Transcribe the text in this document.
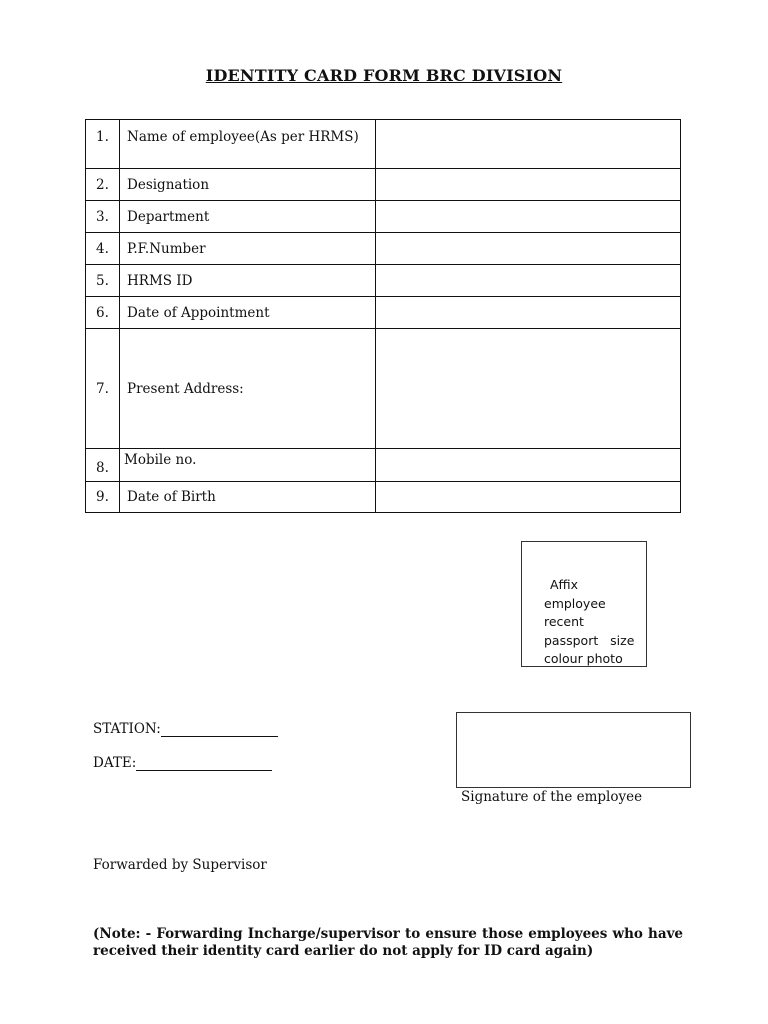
IDENTITY CARD FORM BRC DIVISION
1.	Name of employee(As per HRMS)	
2.	Designation	
3.	Department	
4.	P.F.Number	
5.	HRMS ID	
6.	Date of Appointment	
7.	Present Address:	
8.	Mobile no.	
9.	Date of Birth	
Affix
employee
recent
passport   size
colour photo
STATION:
DATE:
Signature of the employee
Forwarded by Supervisor
(Note: - Forwarding Incharge/supervisor to ensure those employees who have received their identity card earlier do not apply for ID card again)
